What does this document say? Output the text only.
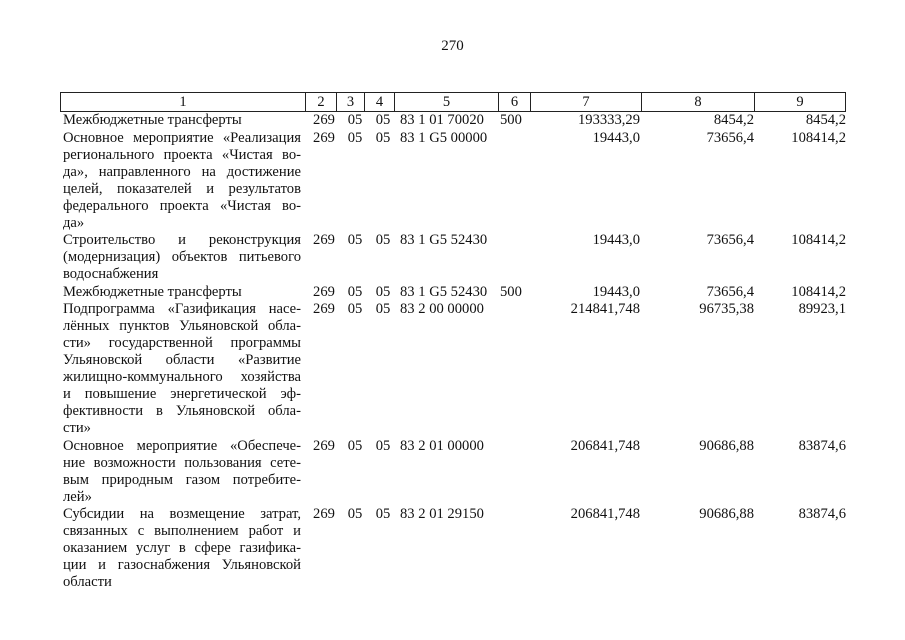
270
1	2	3	4	5	6	7	8	9
Межбюджетные трансферты	269 05 05 83 1 01 70020	500	193333,29	8454,2	8454,2
Основное мероприятие «Реализация
регионального проекта «Чистая во-
да», направленного на достижение
целей, показателей и результатов
федерального проекта «Чистая во-
да»
269 05 05 83 1 G5 00000	19443,0	73656,4	108414,2
Строительство и реконструкция
(модернизация) объектов питьевого
водоснабжения
269 05 05 83 1 G5 52430	19443,0	73656,4	108414,2
Межбюджетные трансферты	269 05 05 83 1 G5 52430 500	19443,0	73656,4	108414,2
Подпрограмма «Газификация насе-
лённых пунктов Ульяновской обла-
сти» государственной программы
Ульяновской области «Развитие
жилищно-коммунального хозяйства
и повышение энергетической эф-
фективности в Ульяновской обла-
сти»
269 05 05 83 2 00 00000	214841,748	96735,38	89923,1
Основное мероприятие «Обеспече-
ние возможности пользования сете-
вым природным газом потребите-
лей»
269 05 05 83 2 01 00000	206841,748	90686,88	83874,6
Субсидии на возмещение затрат,
связанных с выполнением работ и
оказанием услуг в сфере газифика-
ции и газоснабжения Ульяновской
области
269 05 05 83 2 01 29150	206841,748	90686,88	83874,6
